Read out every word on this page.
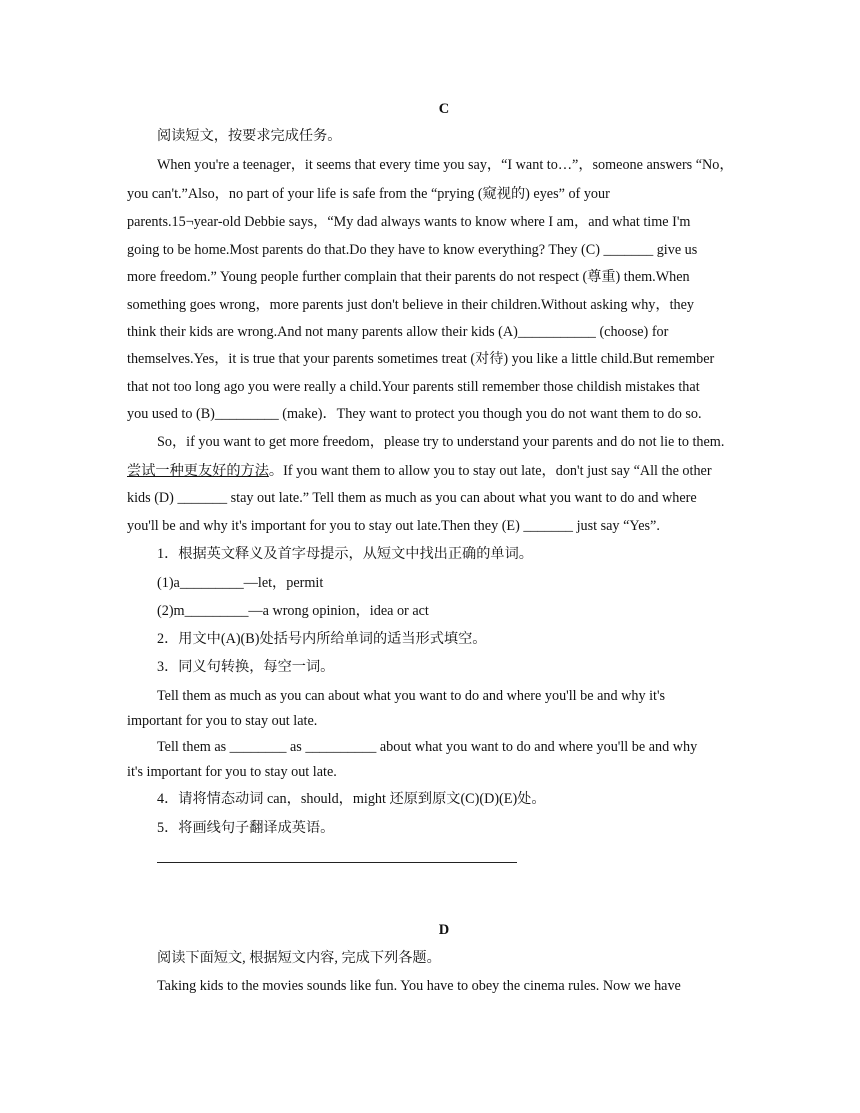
C
阅读短文，按要求完成任务。
When you're a teenager，it seems that every time you say，“I want to…”，someone answers “No，
you can't.”Also，no part of your life is safe from the “prying (窥视的) eyes” of your
parents.15¬year-old Debbie says，“My dad always wants to know where I am，and what time I'm
going to be home.Most parents do that.Do they have to know everything? They (C) _______ give us
more freedom.” Young people further complain that their parents do not respect (尊重) them.When
something goes wrong，more parents just don't believe in their children.Without asking why，they
think their kids are wrong.And not many parents allow their kids (A)___________ (choose) for
themselves.Yes，it is true that your parents sometimes treat (对待) you like a little child.But remember
that not too long ago you were really a child.Your parents still remember those childish mistakes that
you used to (B)_________ (make)．They want to protect you though you do not want them to do so.
So，if you want to get more freedom，please try to understand your parents and do not lie to them.
尝试一种更友好的方法。If you want them to allow you to stay out late，don't just say “All the other
kids (D) _______ stay out late.” Tell them as much as you can about what you want to do and where
you'll be and why it's important for you to stay out late.Then they (E) _______ just say “Yes”.
1．根据英文释义及首字母提示，从短文中找出正确的单词。
(1)a_________—let，permit
(2)m_________—a wrong opinion，idea or act
2．用文中(A)(B)处括号内所给单词的适当形式填空。
3．同义句转换，每空一词。
Tell them as much as you can about what you want to do and where you'll be and why it's
important for you to stay out late.
Tell them as ________ as __________ about what you want to do and where you'll be and why
it's important for you to stay out late.
4．请将情态动词 can，should，might 还原到原文(C)(D)(E)处。
5．将画线句子翻译成英语。
D
阅读下面短文, 根据短文内容, 完成下列各题。
Taking kids to the movies sounds like fun. You have to obey the cinema rules. Now we have
